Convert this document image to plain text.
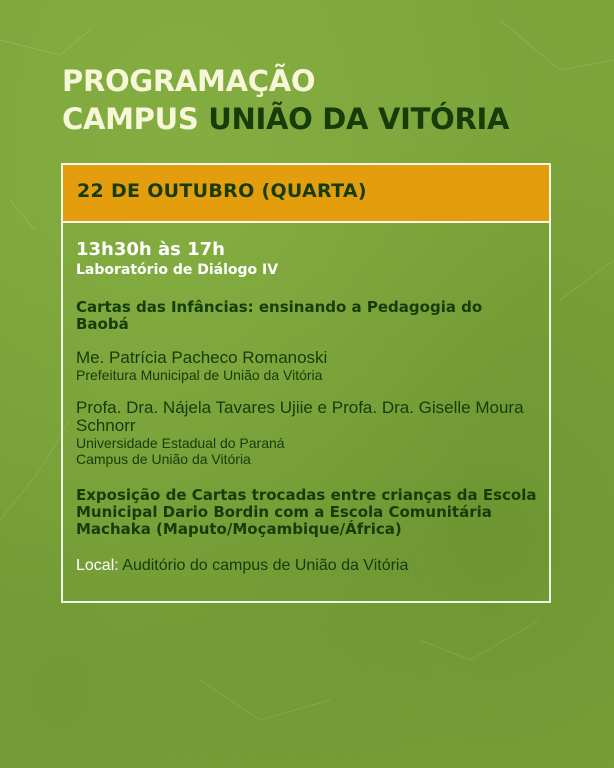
PROGRAMAÇÃO
CAMPUS UNIÃO DA VITÓRIA
22 DE OUTUBRO (QUARTA)
13h30h às 17h
Laboratório de Diálogo IV
Cartas das Infâncias: ensinando a Pedagogia do Baobá
Me. Patrícia Pacheco Romanoski
Prefeitura Municipal de União da Vitória
Profa. Dra. Nájela Tavares Ujiie e Profa. Dra. Giselle Moura Schnorr
Universidade Estadual do Paraná
Campus de União da Vitória
Exposição de Cartas trocadas entre crianças da Escola Municipal Dario Bordin com a Escola Comunitária Machaka (Maputo/Moçambique/África)
Local: Auditório do campus de União da Vitória
